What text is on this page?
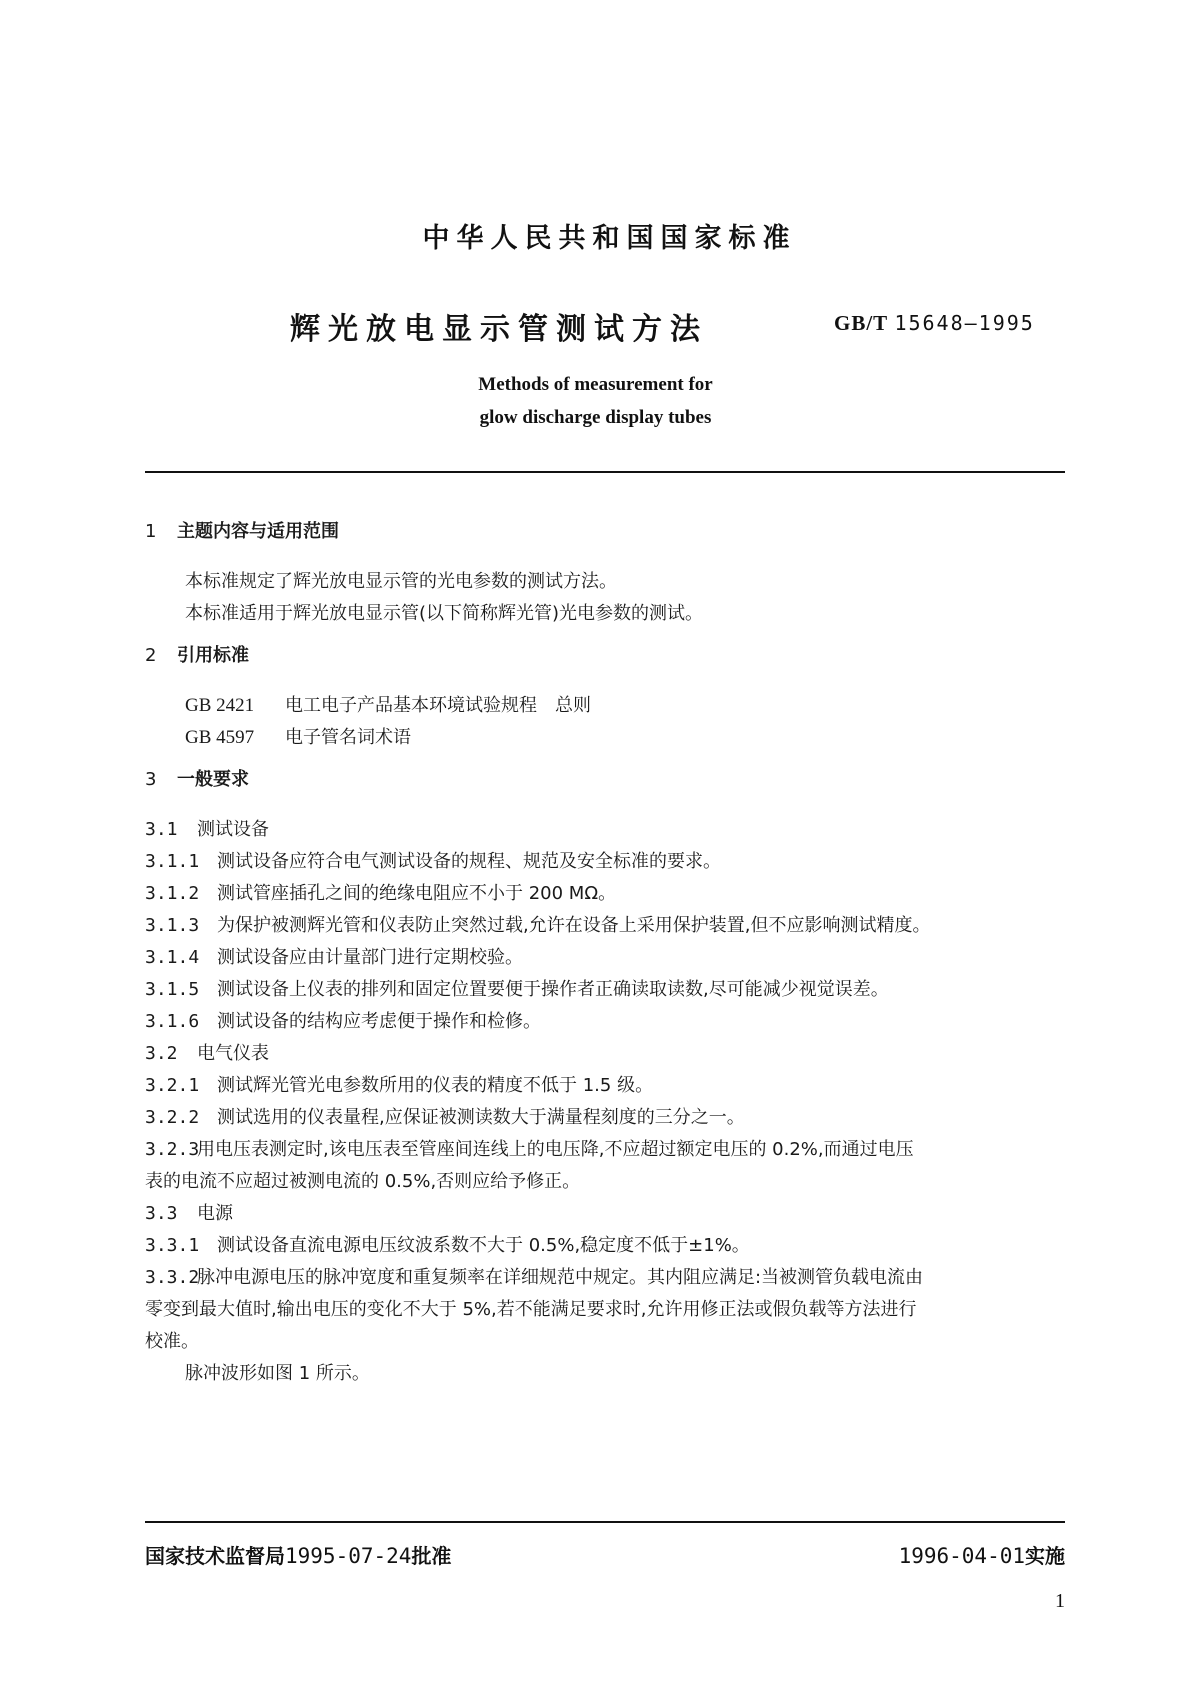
中华人民共和国国家标准
辉光放电显示管测试方法	GB/T 15648—1995
Methods of measurement for
glow discharge display tubes
1 主题内容与适用范围
本标准规定了辉光放电显示管的光电参数的测试方法。
本标准适用于辉光放电显示管(以下简称辉光管)光电参数的测试。
2 引用标准
GB 2421 电工电子产品基本环境试验规程　总则
GB 4597 电子管名词术语
3 一般要求
3.1 测试设备
3.1.1 测试设备应符合电气测试设备的规程、规范及安全标准的要求。
3.1.2 测试管座插孔之间的绝缘电阻应不小于 200 MΩ。
3.1.3 为保护被测辉光管和仪表防止突然过载,允许在设备上采用保护装置,但不应影响测试精度。
3.1.4 测试设备应由计量部门进行定期校验。
3.1.5 测试设备上仪表的排列和固定位置要便于操作者正确读取读数,尽可能减少视觉误差。
3.1.6 测试设备的结构应考虑便于操作和检修。
3.2 电气仪表
3.2.1 测试辉光管光电参数所用的仪表的精度不低于 1.5 级。
3.2.2 测试选用的仪表量程,应保证被测读数大于满量程刻度的三分之一。
3.2.3用电压表测定时,该电压表至管座间连线上的电压降,不应超过额定电压的 0.2%,而通过电压
表的电流不应超过被测电流的 0.5%,否则应给予修正。
3.3 电源
3.3.1 测试设备直流电源电压纹波系数不大于 0.5%,稳定度不低于±1%。
3.3.2脉冲电源电压的脉冲宽度和重复频率在详细规范中规定。其内阻应满足:当被测管负载电流由
零变到最大值时,输出电压的变化不大于 5%,若不能满足要求时,允许用修正法或假负载等方法进行
校准。
脉冲波形如图 1 所示。
国家技术监督局1995-07-24批准	1996-04-01实施
1
